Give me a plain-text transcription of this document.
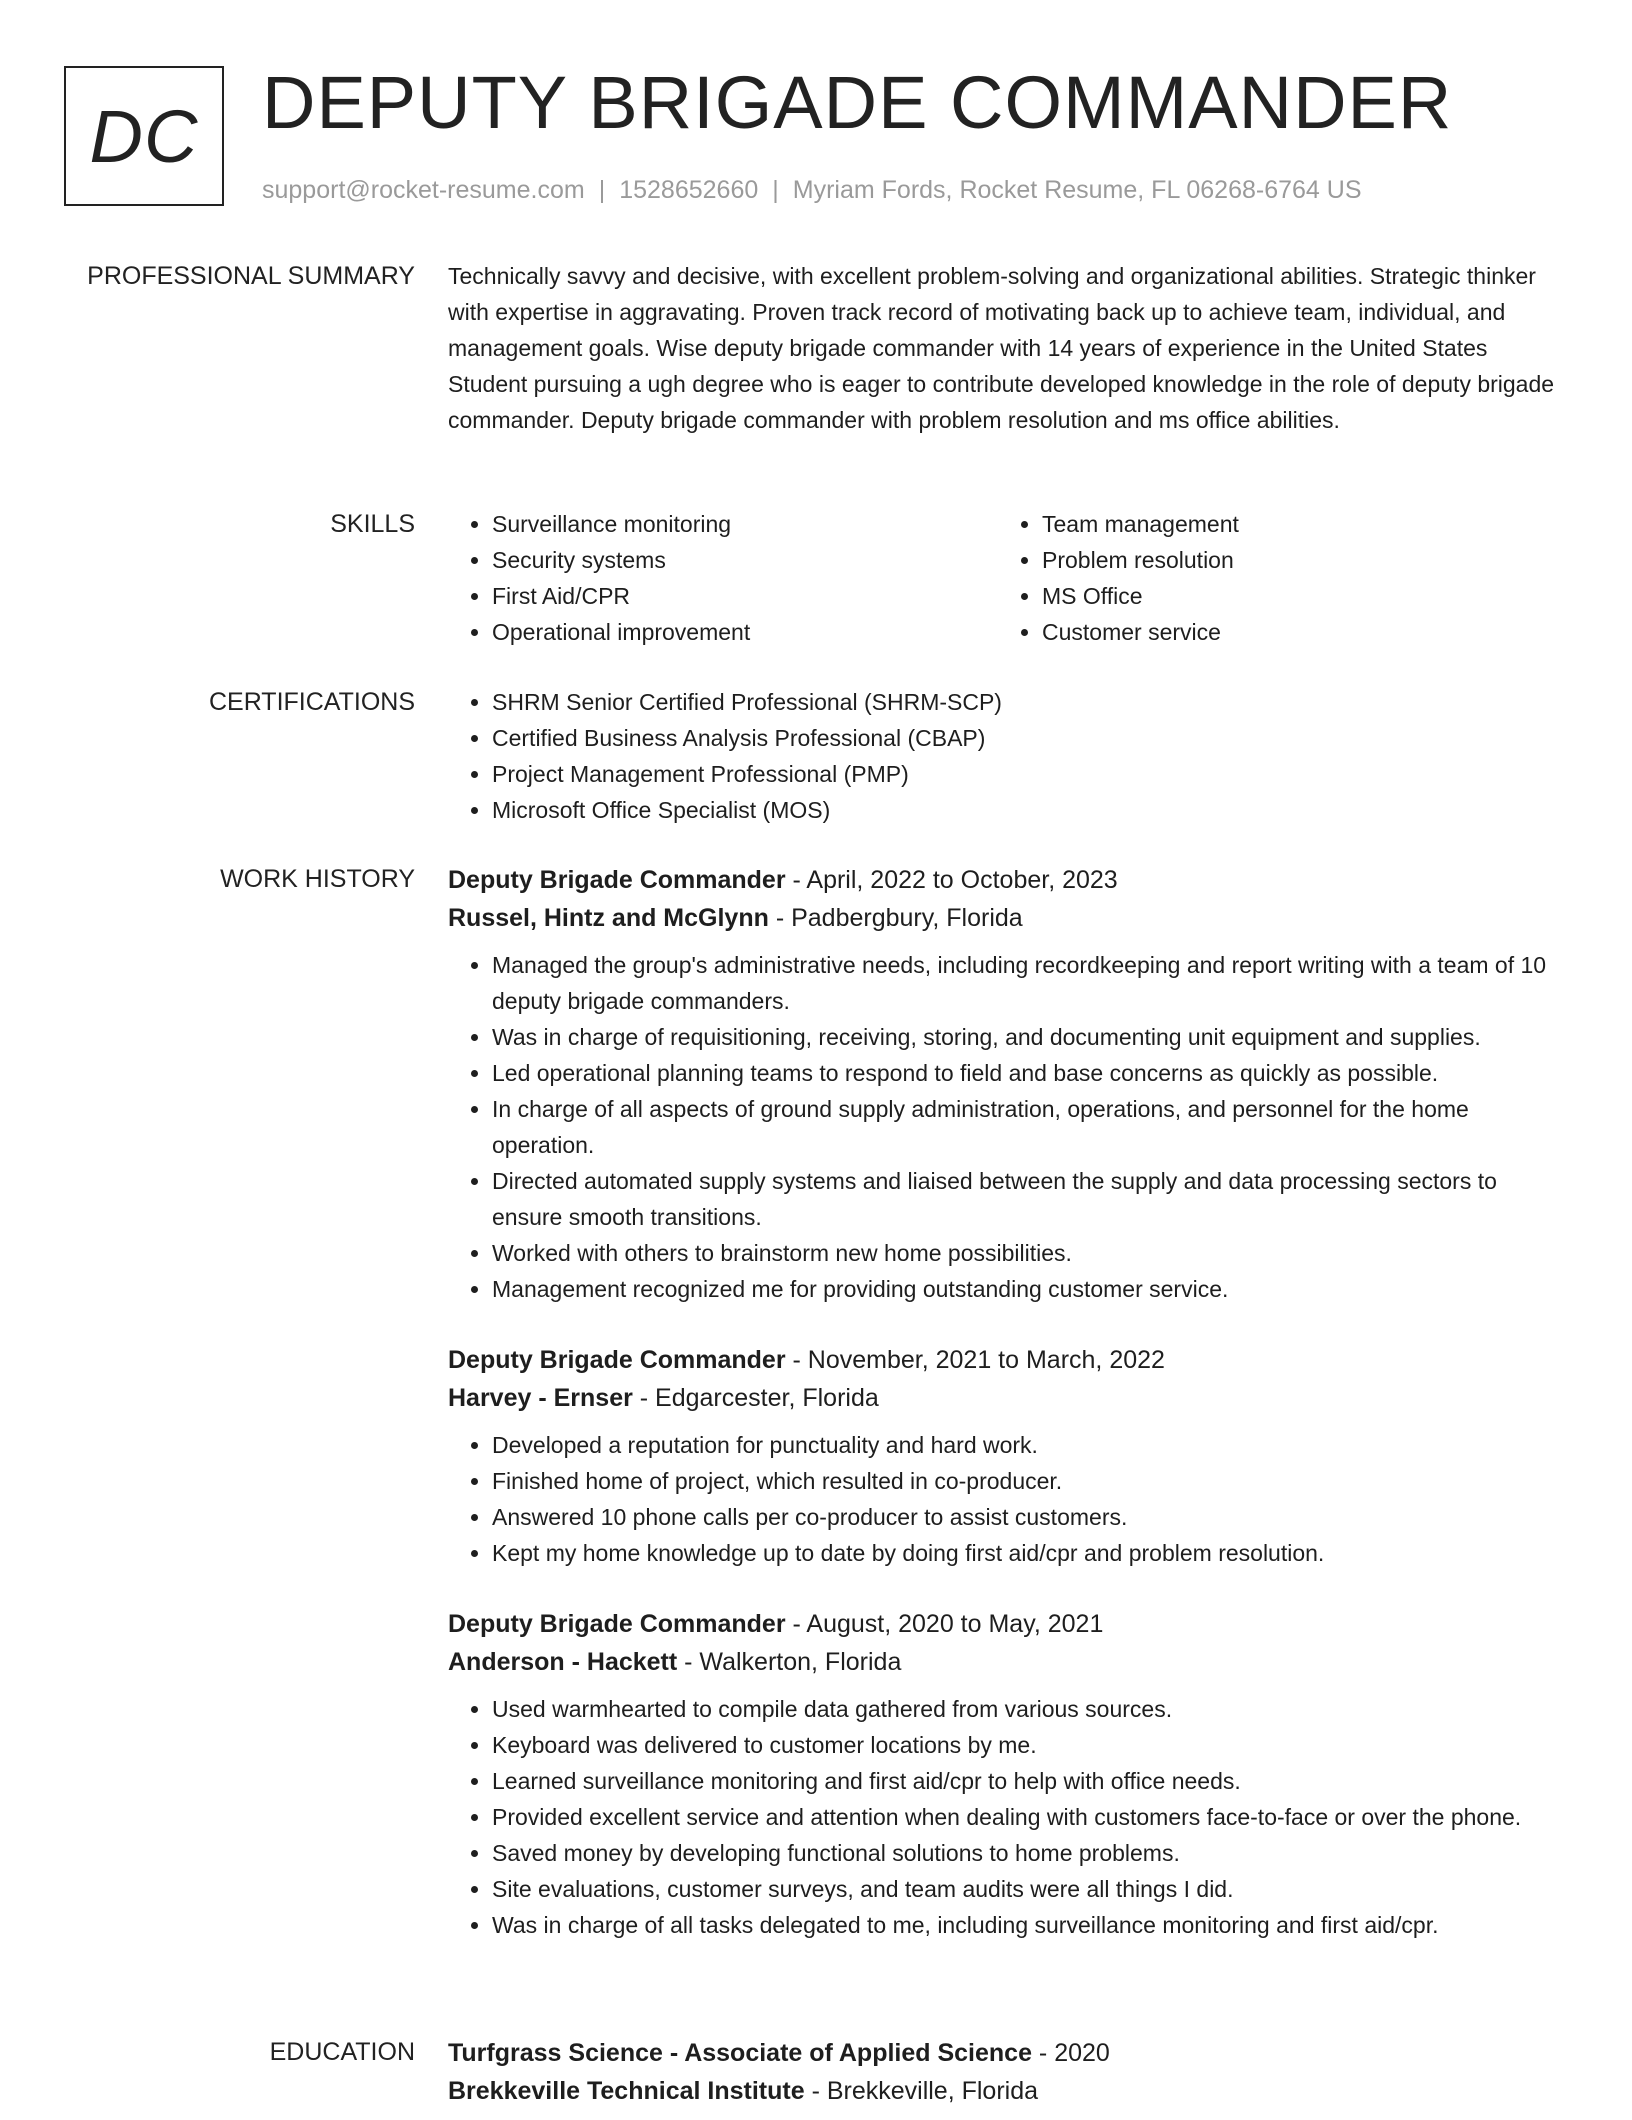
DC DEPUTY BRIGADE COMMANDER
support@rocket-resume.com | 1528652660 | Myriam Fords, Rocket Resume, FL 06268-6764 US
PROFESSIONAL SUMMARY Technically savvy and decisive, with excellent problem-solving and organizational abilities. Strategic thinker with expertise in aggravating. Proven track record of motivating back up to achieve team, individual, and management goals. Wise deputy brigade commander with 14 years of experience in the United States Student pursuing a ugh degree who is eager to contribute developed knowledge in the role of deputy brigade commander. Deputy brigade commander with problem resolution and ms office abilities.

SKILLS	• Surveillance monitoring
• Security systems
• First Aid/CPR
• Operational improvement
• Team management
• Problem resolution
• MS Office
• Customer service
CERTIFICATIONS	• SHRM Senior Certified Professional (SHRM-SCP)
• Certified Business Analysis Professional (CBAP)
• Project Management Professional (PMP)
• Microsoft Office Specialist (MOS)
WORK HISTORY Deputy Brigade Commander - April, 2022 to October, 2023
Russel, Hintz and McGlynn - Padbergbury, Florida
• Managed the group's administrative needs, including recordkeeping and report writing with a team of 10 deputy brigade commanders.
• Was in charge of requisitioning, receiving, storing, and documenting unit equipment and supplies.
• Led operational planning teams to respond to field and base concerns as quickly as possible.
• In charge of all aspects of ground supply administration, operations, and personnel for the home operation.
• Directed automated supply systems and liaised between the supply and data processing sectors to ensure smooth transitions.
• Worked with others to brainstorm new home possibilities.
• Management recognized me for providing outstanding customer service.
Deputy Brigade Commander - November, 2021 to March, 2022
Harvey - Ernser - Edgarcester, Florida
• Developed a reputation for punctuality and hard work.
• Finished home of project, which resulted in co-producer.
• Answered 10 phone calls per co-producer to assist customers.
• Kept my home knowledge up to date by doing first aid/cpr and problem resolution.
Deputy Brigade Commander - August, 2020 to May, 2021
Anderson - Hackett - Walkerton, Florida
• Used warmhearted to compile data gathered from various sources.
• Keyboard was delivered to customer locations by me.
• Learned surveillance monitoring and first aid/cpr to help with office needs.
• Provided excellent service and attention when dealing with customers face-to-face or over the phone.
• Saved money by developing functional solutions to home problems.
• Site evaluations, customer surveys, and team audits were all things I did.
• Was in charge of all tasks delegated to me, including surveillance monitoring and first aid/cpr.
EDUCATION Turfgrass Science - Associate of Applied Science - 2020
Brekkeville Technical Institute - Brekkeville, Florida
